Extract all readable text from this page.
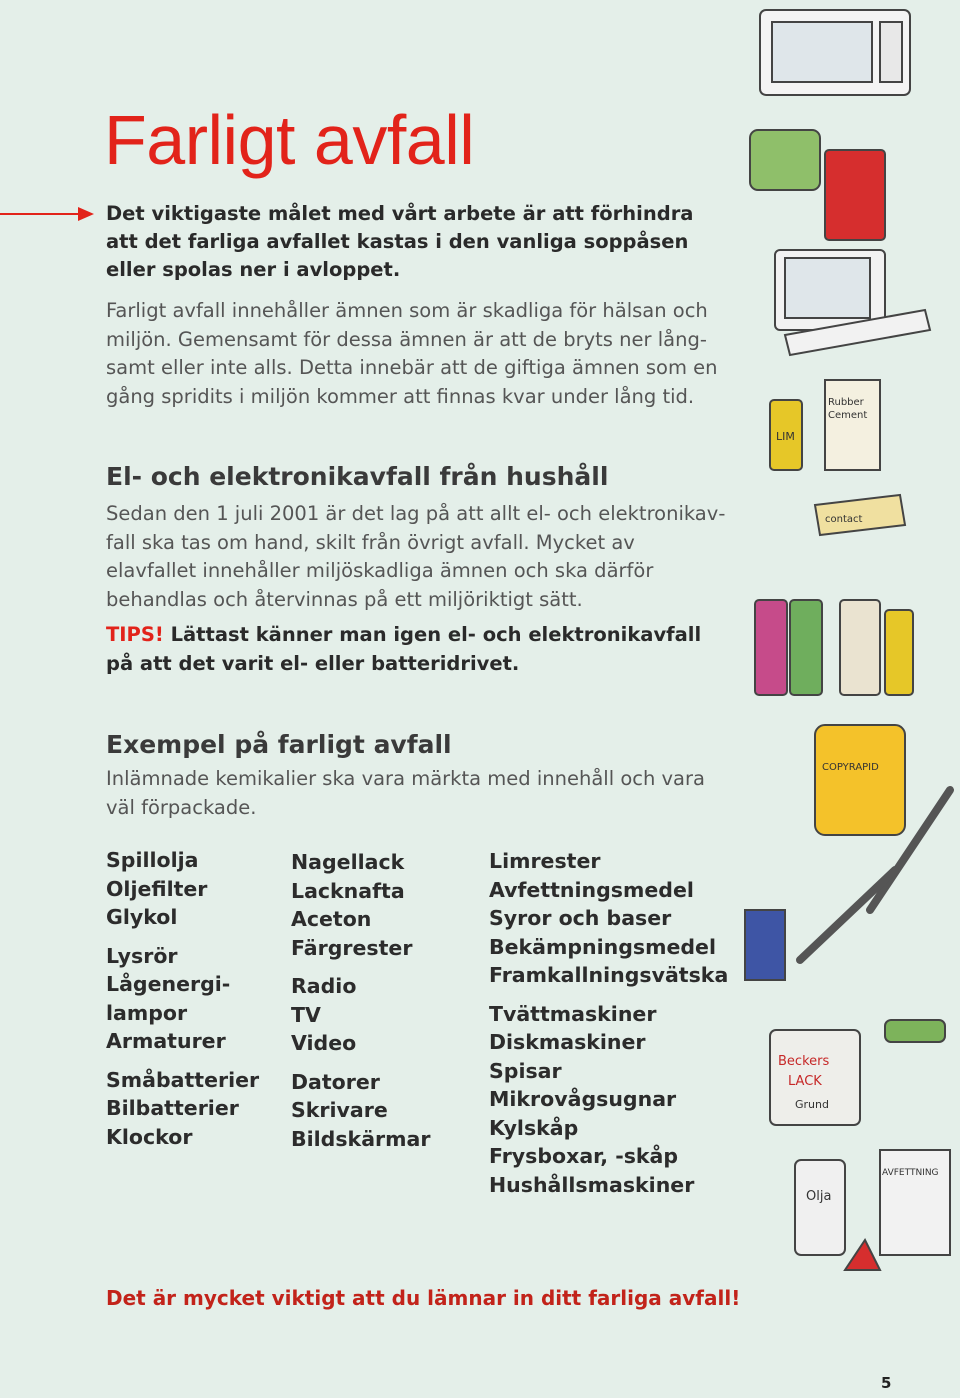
Farligt avfall
Det viktigaste målet med vårt arbete är att förhindra att det farliga avfallet kastas i den vanliga soppåsen eller spolas ner i avloppet.

Farligt avfall innehåller ämnen som är skadliga för hälsan och miljön. Gemensamt för dessa ämnen är att de bryts ner långsamt eller inte alls. Detta innebär att de giftiga ämnen som en gång spridits i miljön kommer att finnas kvar under lång tid.

El- och elektronikavfall från hushåll

Sedan den 1 juli 2001 är det lag på att allt el- och elektronikavfall ska tas om hand, skilt från övrigt avfall. Mycket av elavfallet innehåller miljöskadliga ämnen och ska därför behandlas och återvinnas på ett miljöriktigt sätt.

TIPS! Lättast känner man igen el- och elektronikavfall på att det varit el- eller batteridrivet.

Exempel på farligt avfall

Inlämnade kemikalier ska vara märkta med innehåll och vara väl förpackade.

Spillolja
Oljefilter
Glykol
Lysrör
Lågenergi-
lampor
Armaturer
Småbatterier
Bilbatterier
Klockor
Nagellack
Lacknafta
Aceton
Färgrester
Radio
TV
Video
Datorer
Skrivare
Bildskärmar
Limrester
Avfettningsmedel
Syror och baser
Bekämpningsmedel
Framkallningsvätska
Tvättmaskiner
Diskmaskiner
Spisar
Mikrovågsugnar
Kylskåp
Frysboxar, -skåp
Hushållsmaskiner

Det är mycket viktigt att du lämnar in ditt farliga avfall!

5
LIM
Rubber
Cement
contact
COPYRAPID
Beckers
LACK
Grund
Olja
AVFETTNING
